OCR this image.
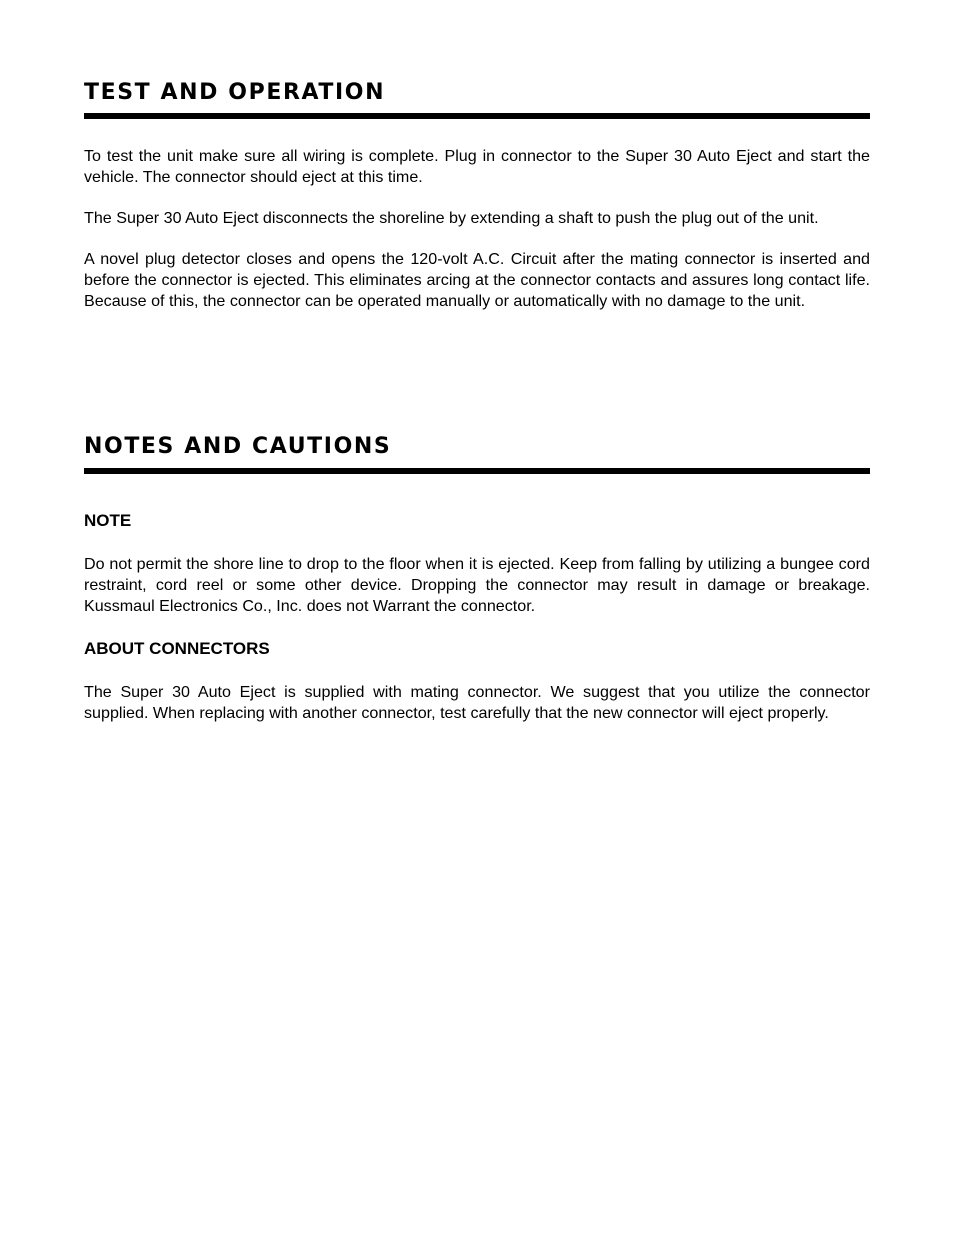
TEST AND OPERATION

To test the unit make sure all wiring is complete. Plug in connector to the Super 30 Auto Eject and start the vehicle. The connector should eject at this time.

The Super 30 Auto Eject disconnects the shoreline by extending a shaft to push the plug out of the unit.

A novel plug detector closes and opens the 120-volt A.C. Circuit after the mating connector is inserted and before the connector is ejected. This eliminates arcing at the connector contacts and assures long contact life. Because of this, the connector can be operated manually or automatically with no damage to the unit.

NOTES AND CAUTIONS
NOTE

Do not permit the shore line to drop to the floor when it is ejected. Keep from falling by utilizing a bungee cord restraint, cord reel or some other device. Dropping the connector may result in damage or breakage. Kussmaul Electronics Co., Inc. does not Warrant the connector.

ABOUT CONNECTORS

The Super 30 Auto Eject is supplied with mating connector. We suggest that you utilize the connector supplied. When replacing with another connector, test carefully that the new connector will eject properly.
